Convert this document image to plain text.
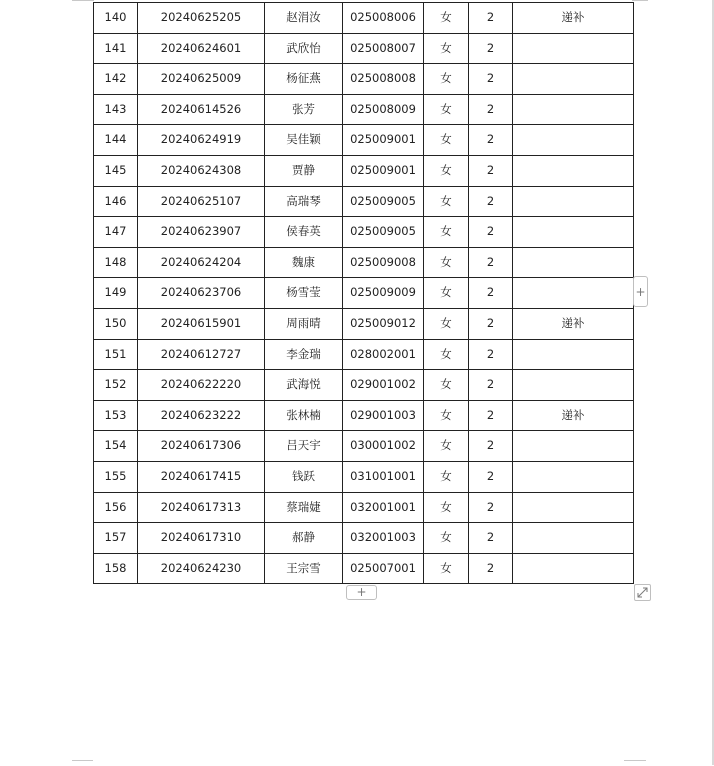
140	20240625205	赵涓汝	025008006	女	2	递补
141	20240624601	武欣怡	025008007	女	2	
142	20240625009	杨征燕	025008008	女	2	
143	20240614526	张芳	025008009	女	2	
144	20240624919	吴佳颖	025009001	女	2	
145	20240624308	贾静	025009001	女	2	
146	20240625107	高瑞琴	025009005	女	2	
147	20240623907	侯春英	025009005	女	2	
148	20240624204	魏康	025009008	女	2	
149	20240623706	杨雪莹	025009009	女	2	
150	20240615901	周雨晴	025009012	女	2	递补
151	20240612727	李金瑞	028002001	女	2	
152	20240622220	武海悦	029001002	女	2	
153	20240623222	张林楠	029001003	女	2	递补
154	20240617306	吕天宇	030001002	女	2	
155	20240617415	钱跃	031001001	女	2	
156	20240617313	蔡瑞婕	032001001	女	2	
157	20240617310	郝静	032001003	女	2	
158	20240624230	王宗雪	025007001	女	2	
+
+
